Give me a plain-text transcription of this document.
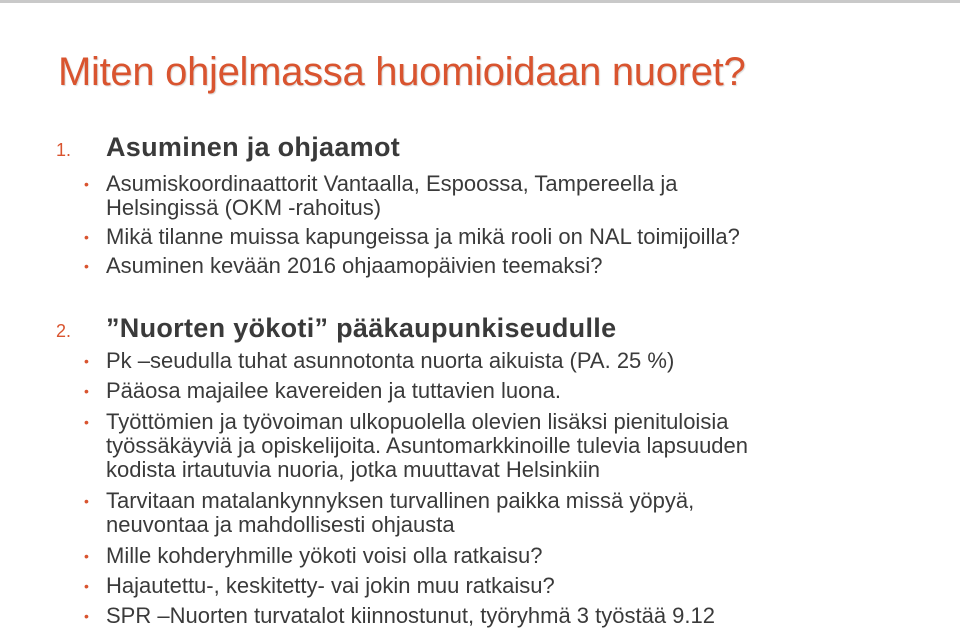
Miten ohjelmassa huomioidaan nuoret?
1.	Asuminen ja ohjaamot
• Asumiskoordinaattorit Vantaalla, Espoossa, Tampereella ja
Helsingissä (OKM -rahoitus)
• Mikä tilanne muissa kapungeissa ja mikä rooli on NAL toimijoilla?
• Asuminen kevään 2016 ohjaamopäivien teemaksi?
2.	”Nuorten yökoti” pääkaupunkiseudulle
• Pk –seudulla tuhat asunnotonta nuorta aikuista (PA. 25 %)
• Pääosa majailee kavereiden ja tuttavien luona.
• Työttömien ja työvoiman ulkopuolella olevien lisäksi pienituloisia
työssäkäyviä ja opiskelijoita. Asuntomarkkinoille tulevia lapsuuden
kodista irtautuvia nuoria, jotka muuttavat Helsinkiin
• Tarvitaan matalankynnyksen turvallinen paikka missä yöpyä,
neuvontaa ja mahdollisesti ohjausta
• Mille kohderyhmille yökoti voisi olla ratkaisu?
• Hajautettu-, keskitetty- vai jokin muu ratkaisu?
• SPR –Nuorten turvatalot kiinnostunut, työryhmä 3 työstää 9.12
